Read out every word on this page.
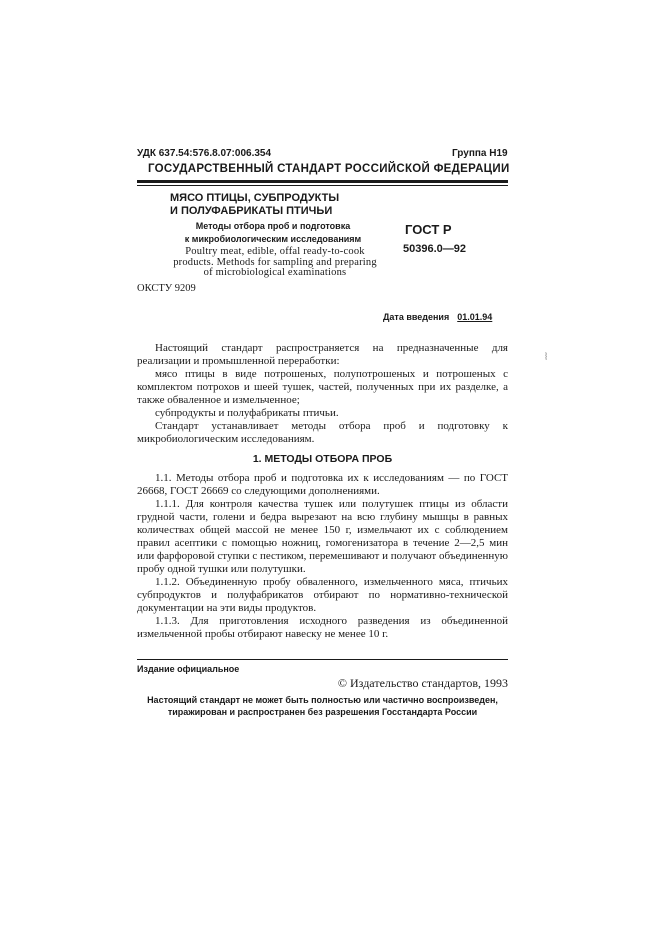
УДК 637.54:576.8.07:006.354	Группа Н19
ГОСУДАРСТВЕННЫЙ СТАНДАРТ РОССИЙСКОЙ ФЕДЕРАЦИИ
МЯСО ПТИЦЫ, СУБПРОДУКТЫ
И ПОЛУФАБРИКАТЫ ПТИЧЬИ
Методы отбора проб и подготовка
к микробиологическим исследованиям
Poultry meat, edible, offal ready-to-cook
products. Methods for sampling and preparing
of microbiological examinations
ГОСТ Р
50396.0—92
ОКСТУ 9209
Дата введения 01.01.94

Настоящий стандарт распространяется на предназначенные для реализации и промышленной переработки:

мясо птицы в виде потрошеных, полупотрошеных и потрошеных с комплектом потрохов и шеей тушек, частей, полученных при их разделке, а также обваленное и измельченное;

субпродукты и полуфабрикаты птичьи.

Стандарт устанавливает методы отбора проб и подготовку к микробиологическим исследованиям.

⦚
1. МЕТОДЫ ОТБОРА ПРОБ

1.1. Методы отбора проб и подготовка их к исследованиям — по ГОСТ 26668, ГОСТ 26669 со следующими дополнениями.

1.1.1. Для контроля качества тушек или полутушек птицы из области грудной части, голени и бедра вырезают на всю глубину мышцы в равных количествах общей массой не менее 150 г, измельчают их с соблюдением правил асептики с помощью ножниц, гомогенизатора в течение 2—2,5 мин или фарфоровой ступки с пестиком, перемешивают и получают объединенную пробу одной тушки или полутушки.

1.1.2. Объединенную пробу обваленного, измельченного мяса, птичьих субпродуктов и полуфабрикатов отбирают по нормативно-технической документации на эти виды продуктов.

1.1.3. Для приготовления исходного разведения из объединенной измельченной пробы отбирают навеску не менее 10 г.

Издание официальное
© Издательство стандартов, 1993
Настоящий стандарт не может быть полностью или частично воспроизведен,
тиражирован и распространен без разрешения Госстандарта России
